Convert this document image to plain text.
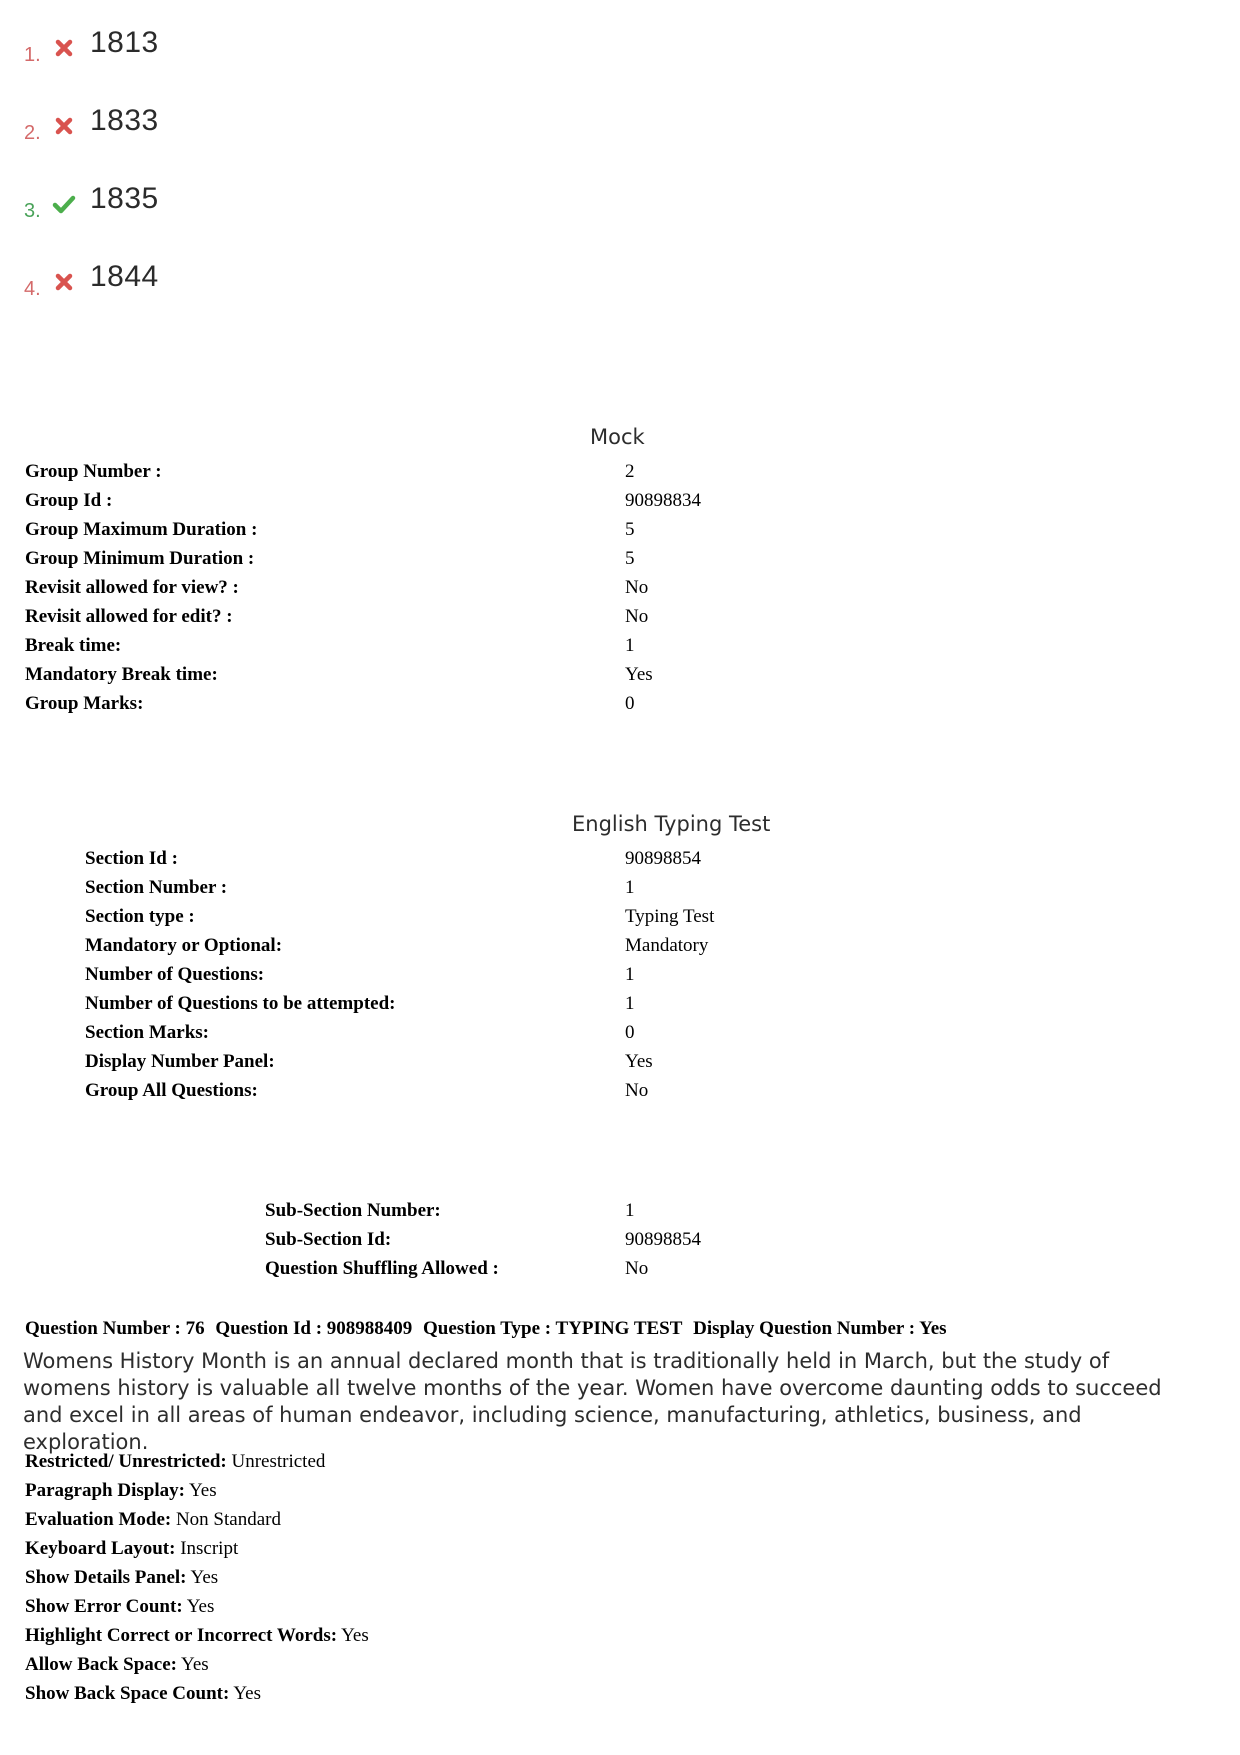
1. 1813
2. 1833
3. 1835
4. 1844
Mock
Group Number :	2
Group Id :	90898834
Group Maximum Duration :	5
Group Minimum Duration :	5
Revisit allowed for view? :	No
Revisit allowed for edit? :	No
Break time:	1
Mandatory Break time:	Yes
Group Marks:	0
English Typing Test
Section Id :	90898854
Section Number :	1
Section type :	Typing Test
Mandatory or Optional:	Mandatory
Number of Questions:	1
Number of Questions to be attempted:	1
Section Marks:	0
Display Number Panel:	Yes
Group All Questions:	No
Sub-Section Number:	1
Sub-Section Id:	90898854
Question Shuffling Allowed :	No
Question Number : 76 Question Id : 908988409 Question Type : TYPING TEST Display Question Number : Yes
Womens History Month is an annual declared month that is traditionally held in March, but the study of womens history is valuable all twelve months of the year. Women have overcome daunting odds to succeed and excel in all areas of human endeavor, including science, manufacturing, athletics, business, and exploration.
Restricted/ Unrestricted: Unrestricted
Paragraph Display: Yes
Evaluation Mode: Non Standard
Keyboard Layout: Inscript
Show Details Panel: Yes
Show Error Count: Yes
Highlight Correct or Incorrect Words: Yes
Allow Back Space: Yes
Show Back Space Count: Yes
